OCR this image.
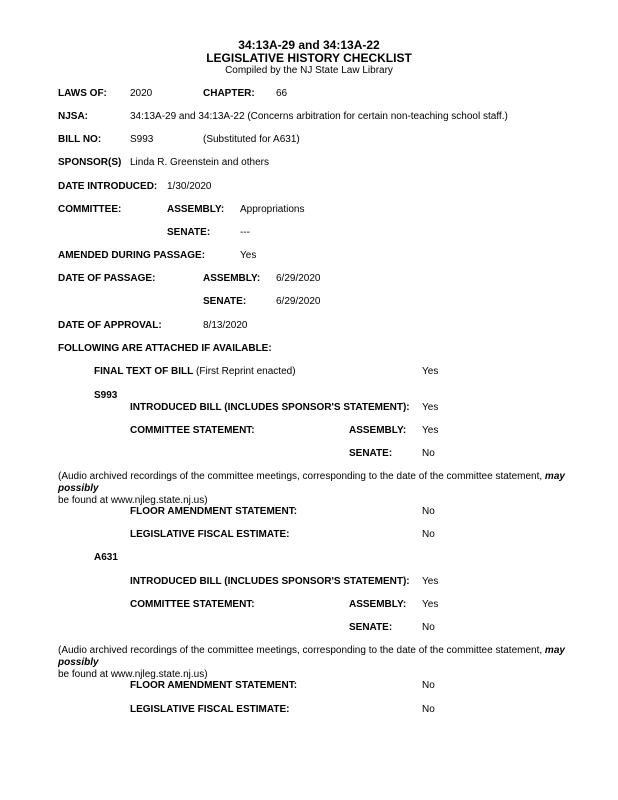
34:13A-29 and 34:13A-22
LEGISLATIVE HISTORY CHECKLIST
Compiled by the NJ State Law Library
LAWS OF: 2020	CHAPTER: 66
NJSA:	34:13A-29 and 34:13A-22 (Concerns arbitration for certain non-teaching school staff.)
BILL NO:	S993	(Substituted for A631)
SPONSOR(S) Linda R. Greenstein and others
DATE INTRODUCED: 1/30/2020
COMMITTEE:	ASSEMBLY: Appropriations
SENATE:	---
AMENDED DURING PASSAGE:	Yes
DATE OF PASSAGE:	ASSEMBLY: 6/29/2020
SENATE:	6/29/2020
DATE OF APPROVAL:	8/13/2020
FOLLOWING ARE ATTACHED IF AVAILABLE:
FINAL TEXT OF BILL (First Reprint enacted)	Yes
S993
INTRODUCED BILL (INCLUDES SPONSOR'S STATEMENT): Yes
COMMITTEE STATEMENT:	ASSEMBLY: Yes
SENATE:	No
(Audio archived recordings of the committee meetings, corresponding to the date of the committee statement, may possibly
be found at www.njleg.state.nj.us)
FLOOR AMENDMENT STATEMENT:	No
LEGISLATIVE FISCAL ESTIMATE:	No
A631
INTRODUCED BILL (INCLUDES SPONSOR'S STATEMENT): Yes
COMMITTEE STATEMENT:	ASSEMBLY: Yes
SENATE:	No
(Audio archived recordings of the committee meetings, corresponding to the date of the committee statement, may possibly
be found at www.njleg.state.nj.us)
FLOOR AMENDMENT STATEMENT:	No
LEGISLATIVE FISCAL ESTIMATE:	No
